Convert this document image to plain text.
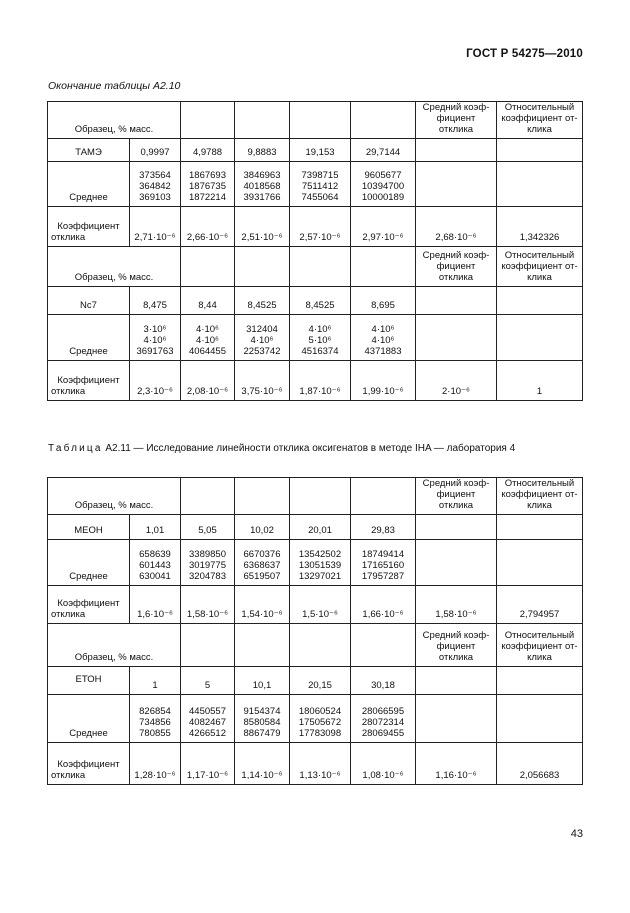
ГОСТ Р 54275—2010
Окончание таблицы А2.10
Образец, % масс.						Средний коэф-фициент отклика	Относительный коэффициент от-клика
ТАМЭ	0,9997	4,9788	9,8883	19,153	29,7144		
Среднее	373564
364842
369103	1867693
1876735
1872214	3846963
4018568
3931766	7398715
7511412
7455064	9605677
10394700
10000189		

Коэффициент
отклика	2,71·10⁻⁶	2,66·10⁻⁶	2,51·10⁻⁶	2,57·10⁻⁶	2,97·10⁻⁶	2,68·10⁻⁶	1,342326
Образец, % масс.						Средний коэф-фициент отклика	Относительный коэффициент от-клика
Nc7	8,475	8,44	8,4525	8,4525	8,695		
Среднее	3·10⁶
4·10⁶
3691763	4·10⁶
4·10⁶
4064455	312404
4·10⁶
2253742	4·10⁶
5·10⁶
4516374	4·10⁶
4·10⁶
4371883		

Коэффициент
отклика	2,3·10⁻⁶	2,08·10⁻⁶	3,75·10⁻⁶	1,87·10⁻⁶	1,99·10⁻⁶	2·10⁻⁶	1
Таблица А2.11 — Исследование линейности отклика оксигенатов в методе IHA — лаборатория 4
Образец, % масс.						Средний коэф-фициент отклика	Относительный коэффициент от-клика
МЕОН	1,01	5,05	10,02	20,01	29,83		
Среднее	658639
601443
630041	3389850
3019775
3204783	6670376
6368637
6519507	13542502
13051539
13297021	18749414
17165160
17957287		

Коэффициент
отклика	1,6·10⁻⁶	1,58·10⁻⁶	1,54·10⁻⁶	1,5·10⁻⁶	1,66·10⁻⁶	1,58·10⁻⁶	2,794957
Образец, % масс.						Средний коэф-фициент отклика	Относительный коэффициент от-клика
ЕТОН	1	5	10,1	20,15	30,18		
Среднее	826854
734856
780855	4450557
4082467
4266512	9154374
8580584
8867479	18060524
17505672
17783098	28066595
28072314
28069455		

Коэффициент
отклика	1,28·10⁻⁶	1,17·10⁻⁶	1,14·10⁻⁶	1,13·10⁻⁶	1,08·10⁻⁶	1,16·10⁻⁶	2,056683
43
